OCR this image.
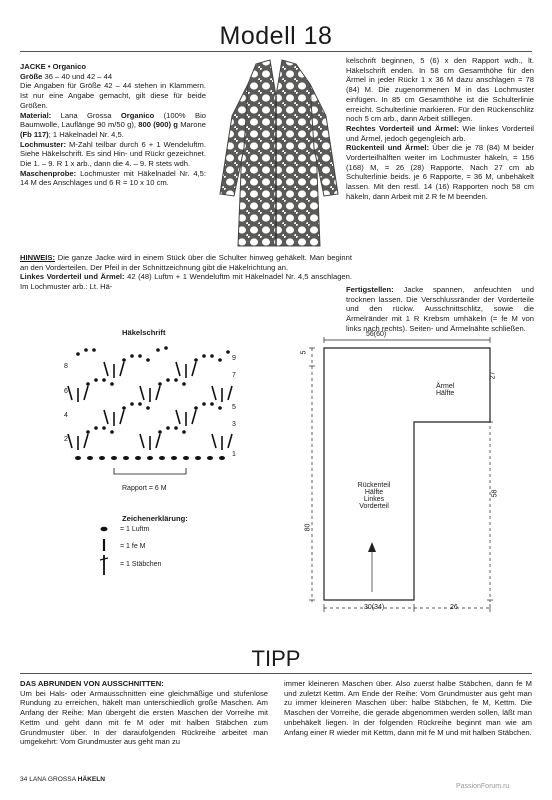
Modell 18

JACKE • Organico

Größe 36 – 40 und 42 – 44

Die Angaben für Größe 42 – 44 stehen in Klammern. Ist nur eine Angabe gemacht, gilt diese für beide Größen.

Material: Lana Grossa Organico (100% Bio Baumwolle, Lauflänge 90 m/50 g), 800 (900) g Marone (Fb 117); 1 Häkelnadel Nr. 4,5.

Lochmuster: M-Zahl teilbar durch 6 + 1 Wendeluftm. Siehe Häkelschrift. Es sind Hin- und Rückr gezeichnet. Die 1. – 9. R 1 x arb., dann die 4. – 9. R stets wdh.

Maschenprobe: Lochmuster mit Häkelnadel Nr. 4,5: 14 M des Anschlages und 6 R = 10 x 10 cm.

HINWEIS: Die ganze Jacke wird in einem Stück über die Schulter hinweg gehäkelt. Man beginnt an den Vorderteilen. Der Pfeil in der Schnittzeichnung gibt die Häkelrichtung an.

Linkes Vorderteil und Ärmel: 42 (48) Luftm + 1 Wendeluftm mit Häkelnadel Nr. 4,5 anschlagen. Im Lochmuster arb.: Lt. Hä-

kelschrift beginnen, 5 (6) x den Rapport wdh., lt. Häkelschrift enden. In 58 cm Gesamthöhe für den Ärmel in jeder Rückr 1 x 36 M dazu anschlagen = 78 (84) M. Die zugenommenen M in das Lochmuster einfügen. In 85 cm Gesamthöhe ist die Schulterlinie erreicht. Schulterlinie markieren. Für den Rückenschlitz noch 5 cm arb., dann Arbeit stilllegen.

Rechtes Vorderteil und Ärmel: Wie linkes Vorderteil und Ärmel, jedoch gegengleich arb.

Rückenteil und Ärmel: Über die je 78 (84) M beider Vorderteilhälften weiter im Lochmuster häkeln, = 156 (168) M, = 26 (28) Rapporte. Nach 27 cm ab Schulterlinie beids. je 6 Rapporte, = 36 M, unbehäkelt lassen. Mit den restl. 14 (16) Rapporten noch 58 cm häkeln, dann Arbeit mit 2 R fe M beenden.

Fertigstellen: Jacke spannen, anfeuchten und trocknen lassen. Die Verschlussränder der Vorderteile und den rückw. Ausschnittschlitz, sowie die Ärmelränder mit 1 R Krebsm umhäkeln (= fe M von links nach rechts). Seiten- und Ärmelnähte schließen.

Häkelschrift
9
7
5
3
1
8
6
4
2
Rapport = 6 M
Zeichenerklärung:
= 1 Luftm
= 1 fe M
= 1 Stäbchen
56(60)
5
Ärmel
Hälfte
27
Rückenteil
Hälfte
Linkes
Vorderteil
80
58
30(34)	26
TIPP

DAS ABRUNDEN VON AUSSCHNITTEN:

Um bei Hals- oder Armausschnitten eine gleichmäßige und stufenlose Rundung zu erreichen, häkelt man unterschiedlich große Maschen. Am Anfang der Reihe: Man übergeht die ersten Maschen der Vorreihe mit Kettm und geht dann mit fe M oder mit halben Stäbchen zum Grundmuster über. In der daraufolgenden Rückreihe arbeitet man umgekehrt: Vom Grundmuster aus geht man zu

immer kleineren Maschen über. Also zuerst halbe Stäbchen, dann fe M und zuletzt Kettm. Am Ende der Reihe: Vom Grundmuster aus geht man zu immer kleineren Maschen über: halbe Stäbchen, fe M, Kettm. Die Maschen der Vorreihe, die gerade abgenommen werden sollen, läßt man unbehäkelt liegen. In der folgenden Rückreihe beginnt man wie am Anfang einer R wieder mit Kettm, dann mit fe M und mit halben Stäbchen.

34 LANA GROSSA HÄKELN
PassionForum.ru
